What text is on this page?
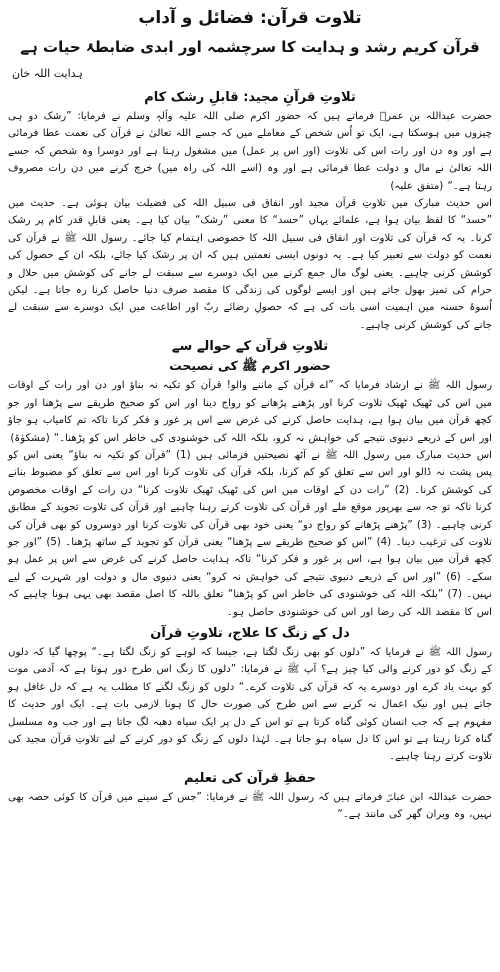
تلاوت قرآن: فضائل و آداب
قرآن کریم رشد و ہدایت کا سرچشمہ اور ابدی ضابطۂ حیات ہے
ہدایت اللہ خان
تلاوتِ قرآنِ مجید: قابلِ رشک کام

حضرت عبداللہ بن عمرؓ فرماتے ہیں کہ حضور اکرم صلی اللہ علیہ وآلہٖ وسلم نے فرمایا: ”رشک دو ہی چیزوں میں ہوسکتا ہے، ایک تو اُس شخص کے معاملے میں کہ جسے اللہ تعالیٰ نے قرآن کی نعمت عطا فرمائی ہے اور وہ دن اور رات اس کی تلاوت (اور اس پر عمل) میں مشغول رہتا ہے اور دوسرا وہ شخص کہ جسے اللہ تعالیٰ نے مال و دولت عطا فرمائی ہے اور وہ (اسے اللہ کی راہ میں) خرچ کرنے میں دن رات مصروف رہتا ہے۔“ (متفق علیہ)

اس حدیث مبارک میں تلاوتِ قرآن مجید اور انفاق فی سبیل اللہ کی فضیلت بیان ہوئی ہے۔ حدیث میں ”حسد“ کا لفظ بیان ہوا ہے، علمائے یہاں ”حسد“ کا معنی ”رشک“ بیان کیا ہے۔ یعنی قابلِ قدر کام پر رشک کرنا۔ یہ کہ قرآن کی تلاوت اور انفاق فی سبیل اللہ کا خصوصی اہتمام کیا جائے۔ رسول اللہ ﷺ نے قرآن کی نعمت کو دولت سے تعبیر کیا ہے۔ یہ دونوں ایسی نعمتیں ہیں کہ ان پر رشک کیا جائے، بلکہ ان کے حصول کی کوشش کرنی چاہیے۔ یعنی لوگ مال جمع کرنے میں ایک دوسرے سے سبقت لے جانے کی کوشش میں حلال و حرام کی تمیز بھول جاتے ہیں اور ایسے لوگوں کی زندگی کا مقصد صرف دنیا حاصل کرنا رہ جاتا ہے۔ لیکن اُسوۂ حسنہ میں اہمیت اسی بات کی ہے کہ حصولِ رضائے ربّ اور اطاعت میں ایک دوسرے سے سبقت لے جانے کی کوشش کرنی چاہیے۔

تلاوتِ قرآن کے حوالے سے
حضور اکرم ﷺ کی نصیحت

رسول اللہ ﷺ نے ارشاد فرمایا کہ ”اے قرآن کے ماننے والو! قرآن کو تکیہ نہ بناؤ اور دن اور رات کے اوقات میں اس کی ٹھیک ٹھیک تلاوت کرنا اور پڑھنے پڑھانے کو رواج دینا اور اس کو صحیح طریقے سے پڑھنا اور جو کچھ قرآن میں بیان ہوا ہے، ہدایت حاصل کرنے کی غرض سے اس پر غور و فکر کرنا تاکہ تم کامیاب ہو جاؤ اور اس کے ذریعے دنیوی نتیجے کی خواہش نہ کرو، بلکہ اللہ کی خوشنودی کی خاطر اس کو پڑھنا۔“ (مشکوٰۃ)

اس حدیث مبارک میں رسول اللہ ﷺ نے آٹھ نصیحتیں فرمائی ہیں (1) ”قرآن کو تکیہ نہ بناؤ“ یعنی اس کو پس پشت نہ ڈالو اور اس سے تعلق کو کم کرنا، بلکہ قرآن کی تلاوت کرنا اور اس سے تعلق کو مضبوط بنانے کی کوشش کرنا۔ (2) ”رات دن کے اوقات میں اس کی ٹھیک ٹھیک تلاوت کرنا“ دن رات کے اوقات مخصوص کرنا تاکہ تو جہ سے بھرپور موقع ملے اور قرآن کی تلاوت کرتے رہنا چاہیے اور قرآن کی تلاوت تجوید کے مطابق کرنی چاہیے۔ (3) ”پڑھنے پڑھانے کو رواج دو“ یعنی خود بھی قرآن کی تلاوت کرنا اور دوسروں کو بھی قرآن کی تلاوت کی ترغیب دینا۔ (4) ”اس کو صحیح طریقے سے پڑھنا“ یعنی قرآن کو تجوید کے ساتھ پڑھنا۔ (5) ”اور جو کچھ قرآن میں بیان ہوا ہے، اس پر غور و فکر کرنا“ تاکہ ہدایت حاصل کرنے کی غرض سے اس پر عمل ہو سکے۔ (6) ”اور اس کے ذریعے دنیوی نتیجے کی خواہش نہ کرو“ یعنی دنیوی مال و دولت اور شہرت کے لیے نہیں۔ (7) ”بلکہ اللہ کی خوشنودی کی خاطر اس کو پڑھنا“ تعلق باللہ کا اصل مقصد بھی یہی ہونا چاہیے کہ اس کا مقصد اللہ کی رضا اور اس کی خوشنودی حاصل ہو۔

دل کے زنگ کا علاج، تلاوتِ قرآن

رسول اللہ ﷺ نے فرمایا کہ ”دلوں کو بھی زنگ لگتا ہے، جیسا کہ لوہے کو زنگ لگتا ہے۔“ پوچھا گیا کہ دلوں کے زنگ کو دور کرنے والی کیا چیز ہے؟ آپ ﷺ نے فرمایا: ”دلوں کا زنگ اس طرح دور ہوتا ہے کہ آدمی موت کو بہت یاد کرے اور دوسرے یہ کہ قرآن کی تلاوت کرے۔“ دلوں کو زنگ لگنے کا مطلب یہ ہے کہ دل غافل ہو جاتے ہیں اور نیک اعمال نہ کرنے سے اس طرح کی صورت حال کا ہونا لازمی بات ہے۔ ایک اور حدیث کا مفہوم ہے کہ جب انسان کوئی گناہ کرتا ہے تو اس کے دل پر ایک سیاہ دھبہ لگ جاتا ہے اور جب وہ مسلسل گناہ کرتا رہتا ہے تو اس کا دل سیاہ ہو جاتا ہے۔ لہٰذا دلوں کے زنگ کو دور کرنے کے لیے تلاوتِ قرآن مجید کی تلاوت کرتے رہنا چاہیے۔

حفظِ قرآن کی تعلیم

حضرت عبداللہ ابن عباسؓ فرماتے ہیں کہ رسول اللہ ﷺ نے فرمایا: ”جس کے سینے میں قرآن کا کوئی حصہ بھی نہیں، وہ ویران گھر کی مانند ہے۔“
